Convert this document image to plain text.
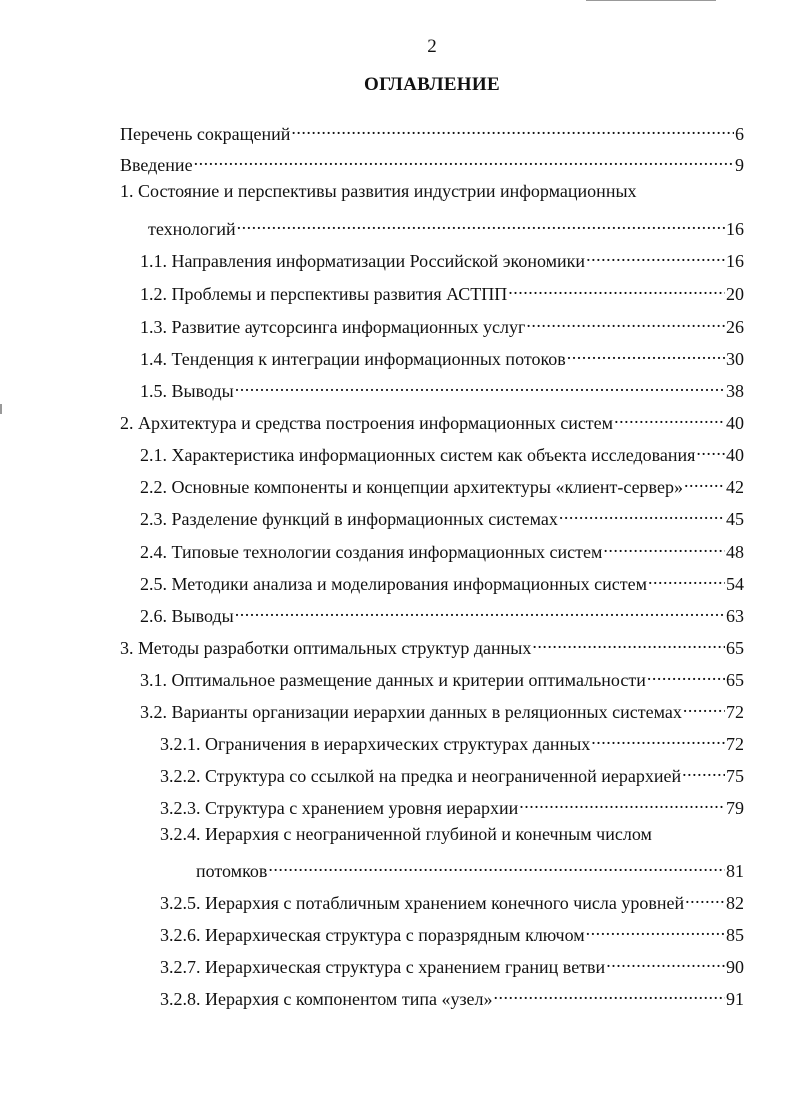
2
ОГЛАВЛЕНИЕ
Перечень сокращений .....	6
Введение .....	9
1. Состояние и перспективы развития индустрии информационных
технологий .....	16
1.1. Направления информатизации Российской экономики .....	16
1.2. Проблемы и перспективы развития АСТПП .....	20
1.3. Развитие аутсорсинга информационных услуг .....	26
1.4. Тенденция к интеграции информационных потоков .....	30
1.5. Выводы .....	38
2. Архитектура и средства построения информационных систем .....	40
2.1. Характеристика информационных систем как объекта исследования ..... 40
2.2. Основные компоненты и концепции архитектуры «клиент-сервер» ..... 42
2.3. Разделение функций в информационных системах .....	45
2.4. Типовые технологии создания информационных систем .....	48
2.5. Методики анализа и моделирования информационных систем .....	54
2.6. Выводы .....	63
3. Методы разработки оптимальных структур данных .....	65
3.1. Оптимальное размещение данных и критерии оптимальности .....	65
3.2. Варианты организации иерархии данных в реляционных системах ..... 72
3.2.1. Ограничения в иерархических структурах данных .....	72
3.2.2. Структура со ссылкой на предка и неограниченной иерархией ..... 75
3.2.3. Структура с хранением уровня иерархии .....	79
3.2.4. Иерархия с неограниченной глубиной и конечным числом
потомков .....	81
3.2.5. Иерархия с потабличным хранением конечного числа уровней ..... 82
3.2.6. Иерархическая структура с поразрядным ключом .....	85
3.2.7. Иерархическая структура с хранением границ ветви .....	90
3.2.8. Иерархия с компонентом типа «узел» .....	91
